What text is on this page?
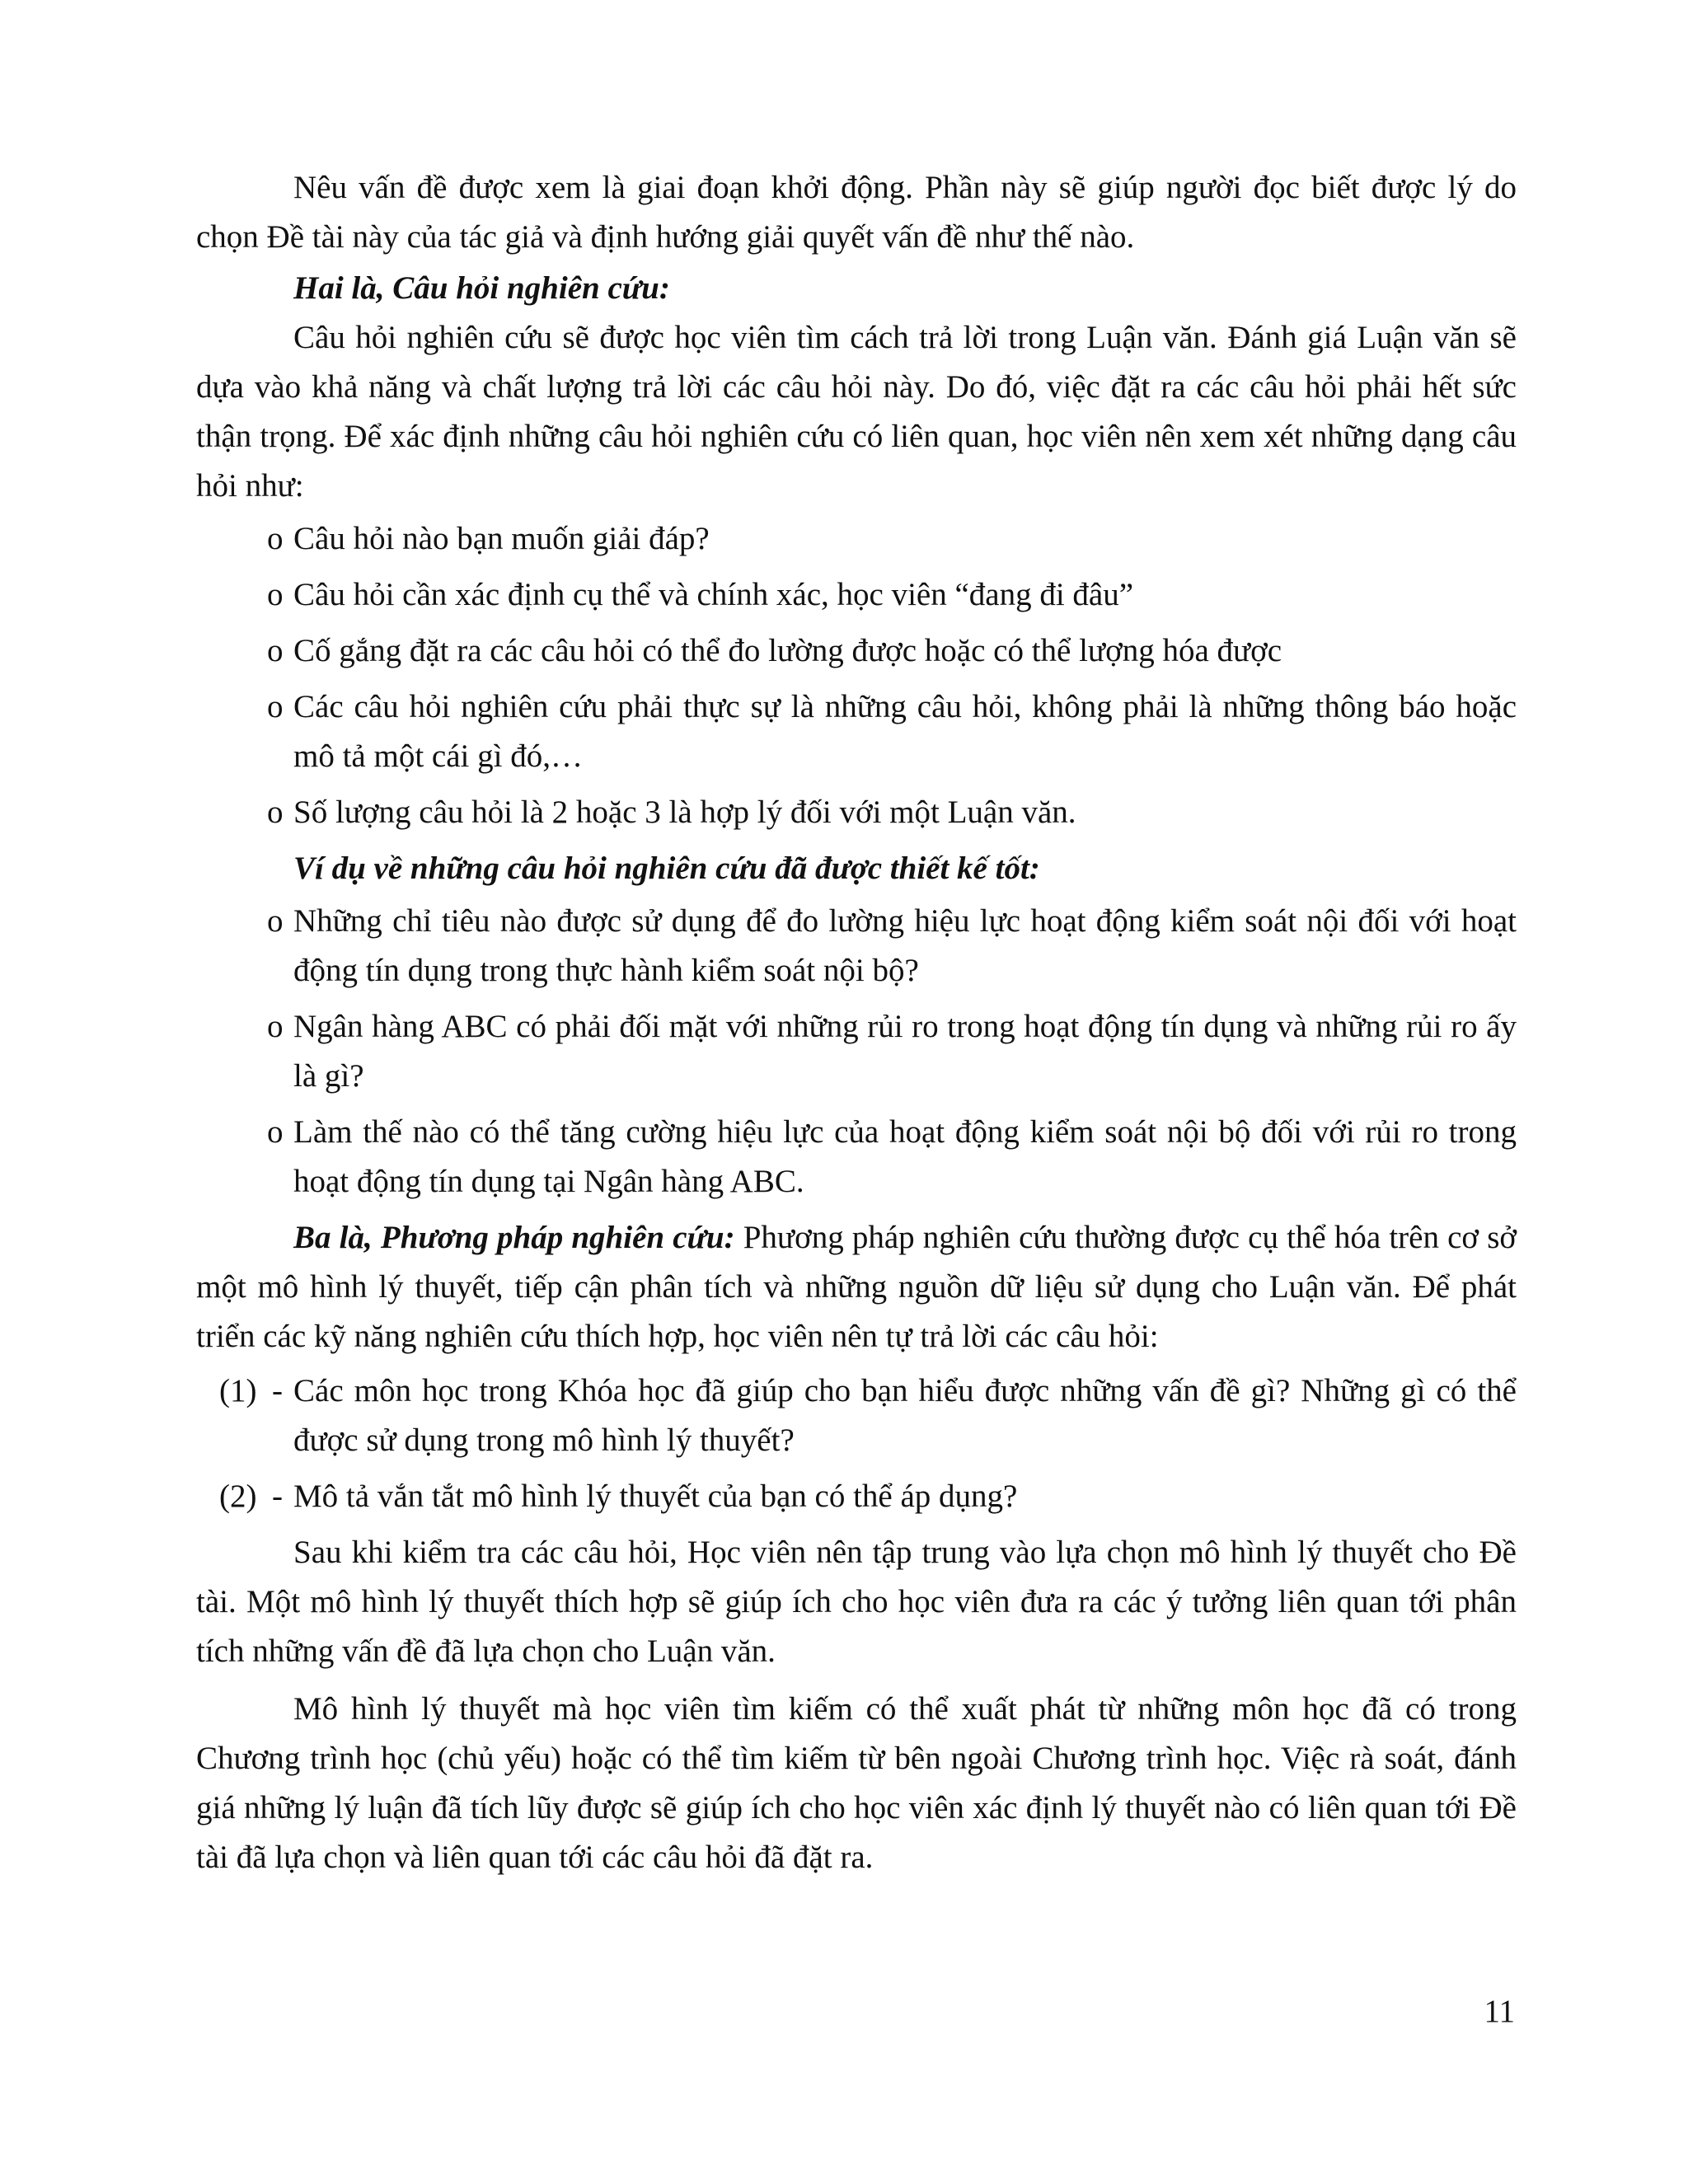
Nêu vấn đề được xem là giai đoạn khởi động. Phần này sẽ giúp người đọc biết được lý do chọn Đề tài này của tác giả và định hướng giải quyết vấn đề như thế nào.

Hai là, Câu hỏi nghiên cứu:

Câu hỏi nghiên cứu sẽ được học viên tìm cách trả lời trong Luận văn. Đánh giá Luận văn sẽ dựa vào khả năng và chất lượng trả lời các câu hỏi này. Do đó, việc đặt ra các câu hỏi phải hết sức thận trọng. Để xác định những câu hỏi nghiên cứu có liên quan, học viên nên xem xét những dạng câu hỏi như:

o Câu hỏi nào bạn muốn giải đáp?
o Câu hỏi cần xác định cụ thể và chính xác, học viên “đang đi đâu”
o Cố gắng đặt ra các câu hỏi có thể đo lường được hoặc có thể lượng hóa được
o Các câu hỏi nghiên cứu phải thực sự là những câu hỏi, không phải là những thông báo hoặc mô tả một cái gì đó,…
o Số lượng câu hỏi là 2 hoặc 3 là hợp lý đối với một Luận văn.

Ví dụ về những câu hỏi nghiên cứu đã được thiết kế tốt:

o Những chỉ tiêu nào được sử dụng để đo lường hiệu lực hoạt động kiểm soát nội đối với hoạt động tín dụng trong thực hành kiểm soát nội bộ?
o Ngân hàng ABC có phải đối mặt với những rủi ro trong hoạt động tín dụng và những rủi ro ấy là gì?
o Làm thế nào có thể tăng cường hiệu lực của hoạt động kiểm soát nội bộ đối với rủi ro trong hoạt động tín dụng tại Ngân hàng ABC.

Ba là, Phương pháp nghiên cứu: Phương pháp nghiên cứu thường được cụ thể hóa trên cơ sở một mô hình lý thuyết, tiếp cận phân tích và những nguồn dữ liệu sử dụng cho Luận văn. Để phát triển các kỹ năng nghiên cứu thích hợp, học viên nên tự trả lời các câu hỏi:

(1) - Các môn học trong Khóa học đã giúp cho bạn hiểu được những vấn đề gì? Những gì có thể được sử dụng trong mô hình lý thuyết?
(2) - Mô tả vắn tắt mô hình lý thuyết của bạn có thể áp dụng?

Sau khi kiểm tra các câu hỏi, Học viên nên tập trung vào lựa chọn mô hình lý thuyết cho Đề tài. Một mô hình lý thuyết thích hợp sẽ giúp ích cho học viên đưa ra các ý tưởng liên quan tới phân tích những vấn đề đã lựa chọn cho Luận văn.

Mô hình lý thuyết mà học viên tìm kiếm có thể xuất phát từ những môn học đã có trong Chương trình học (chủ yếu) hoặc có thể tìm kiếm từ bên ngoài Chương trình học. Việc rà soát, đánh giá những lý luận đã tích lũy được sẽ giúp ích cho học viên xác định lý thuyết nào có liên quan tới Đề tài đã lựa chọn và liên quan tới các câu hỏi đã đặt ra.

11
